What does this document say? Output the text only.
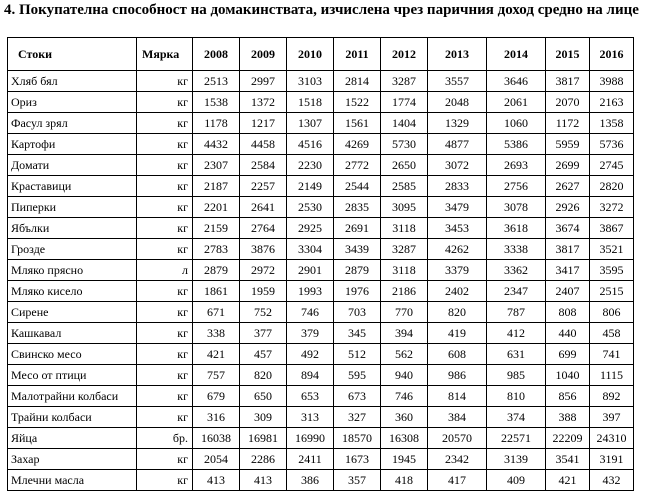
4. Покупателна способност на домакинствата, изчислена чрез паричния доход средно на лице
Стоки	Мярка	2008	2009	2010	2011	2012	2013	2014	2015	2016
Хляб бял	кг	2513	2997	3103	2814	3287	3557	3646	3817	3988
Ориз	кг	1538	1372	1518	1522	1774	2048	2061	2070	2163
Фасул зрял	кг	1178	1217	1307	1561	1404	1329	1060	1172	1358
Картофи	кг	4432	4458	4516	4269	5730	4877	5386	5959	5736
Домати	кг	2307	2584	2230	2772	2650	3072	2693	2699	2745
Краставици	кг	2187	2257	2149	2544	2585	2833	2756	2627	2820
Пиперки	кг	2201	2641	2530	2835	3095	3479	3078	2926	3272
Ябълки	кг	2159	2764	2925	2691	3118	3453	3618	3674	3867
Грозде	кг	2783	3876	3304	3439	3287	4262	3338	3817	3521
Мляко прясно	л	2879	2972	2901	2879	3118	3379	3362	3417	3595
Мляко кисело	кг	1861	1959	1993	1976	2186	2402	2347	2407	2515
Сирене	кг	671	752	746	703	770	820	787	808	806
Кашкавал	кг	338	377	379	345	394	419	412	440	458
Свинско месо	кг	421	457	492	512	562	608	631	699	741
Месо от птици	кг	757	820	894	595	940	986	985	1040	1115
Малотрайни колбаси	кг	679	650	653	673	746	814	810	856	892
Трайни колбаси	кг	316	309	313	327	360	384	374	388	397
Яйца	бр.	16038	16981	16990	18570	16308	20570	22571	22209	24310
Захар	кг	2054	2286	2411	1673	1945	2342	3139	3541	3191
Млечни масла	кг	413	413	386	357	418	417	409	421	432
